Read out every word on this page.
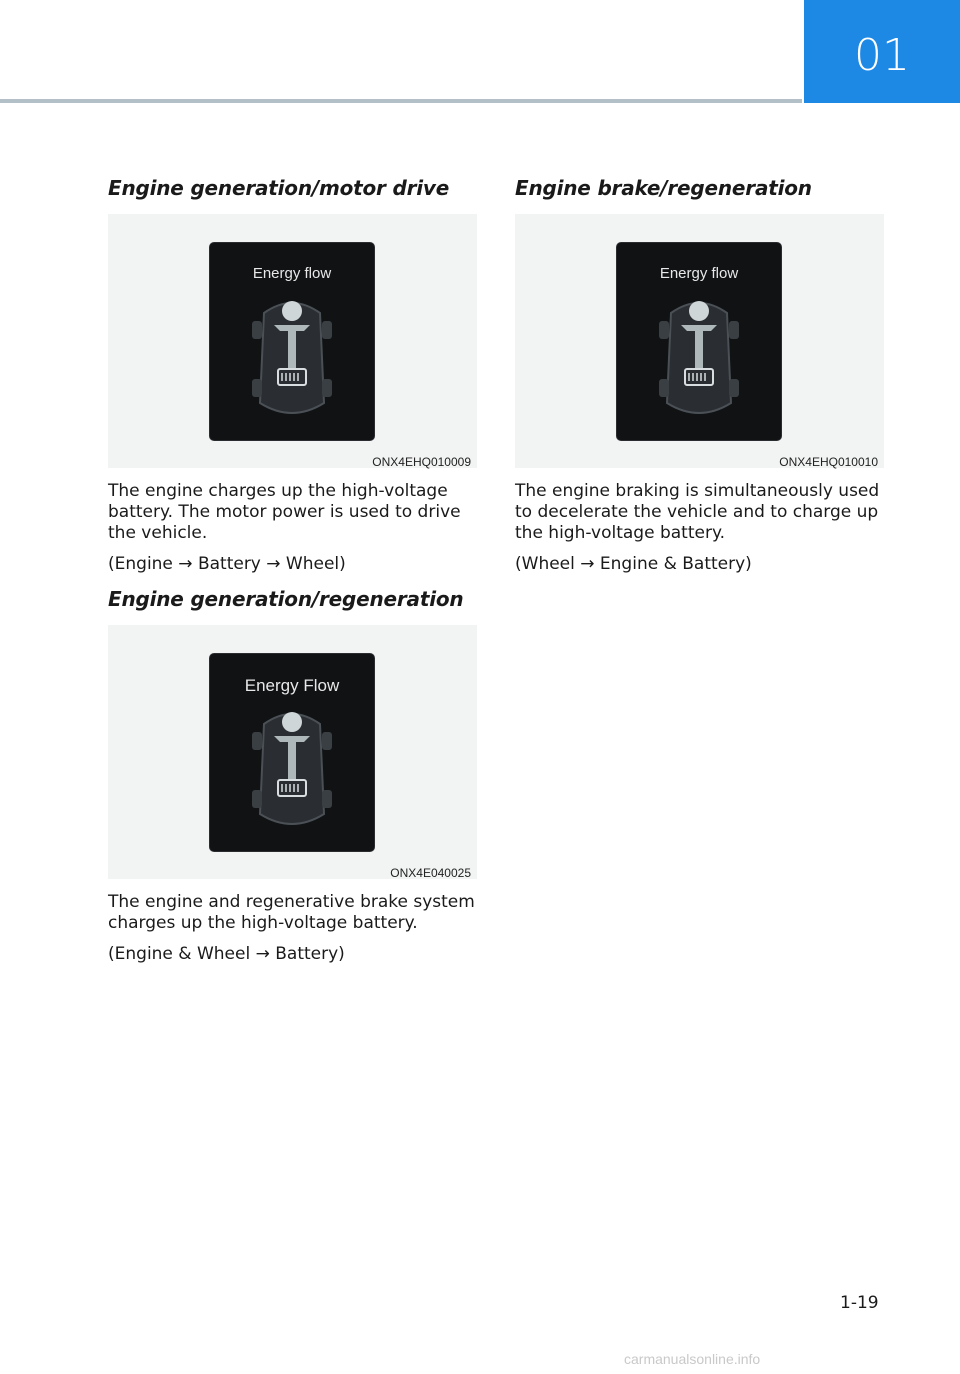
01
Engine generation/motor drive
Energy flow
ONX4EHQ010009

The engine charges up the high-voltage battery. The motor power is used to drive the vehicle.

(Engine → Battery → Wheel)

Engine generation/regeneration
Energy Flow
ONX4E040025

The engine and regenerative brake system charges up the high-voltage battery.

(Engine & Wheel → Battery)

Engine brake/regeneration
Energy flow
ONX4EHQ010010

The engine braking is simultaneously used to decelerate the vehicle and to charge up the high-voltage battery.

(Wheel → Engine & Battery)

1-19
carmanualsonline.info
